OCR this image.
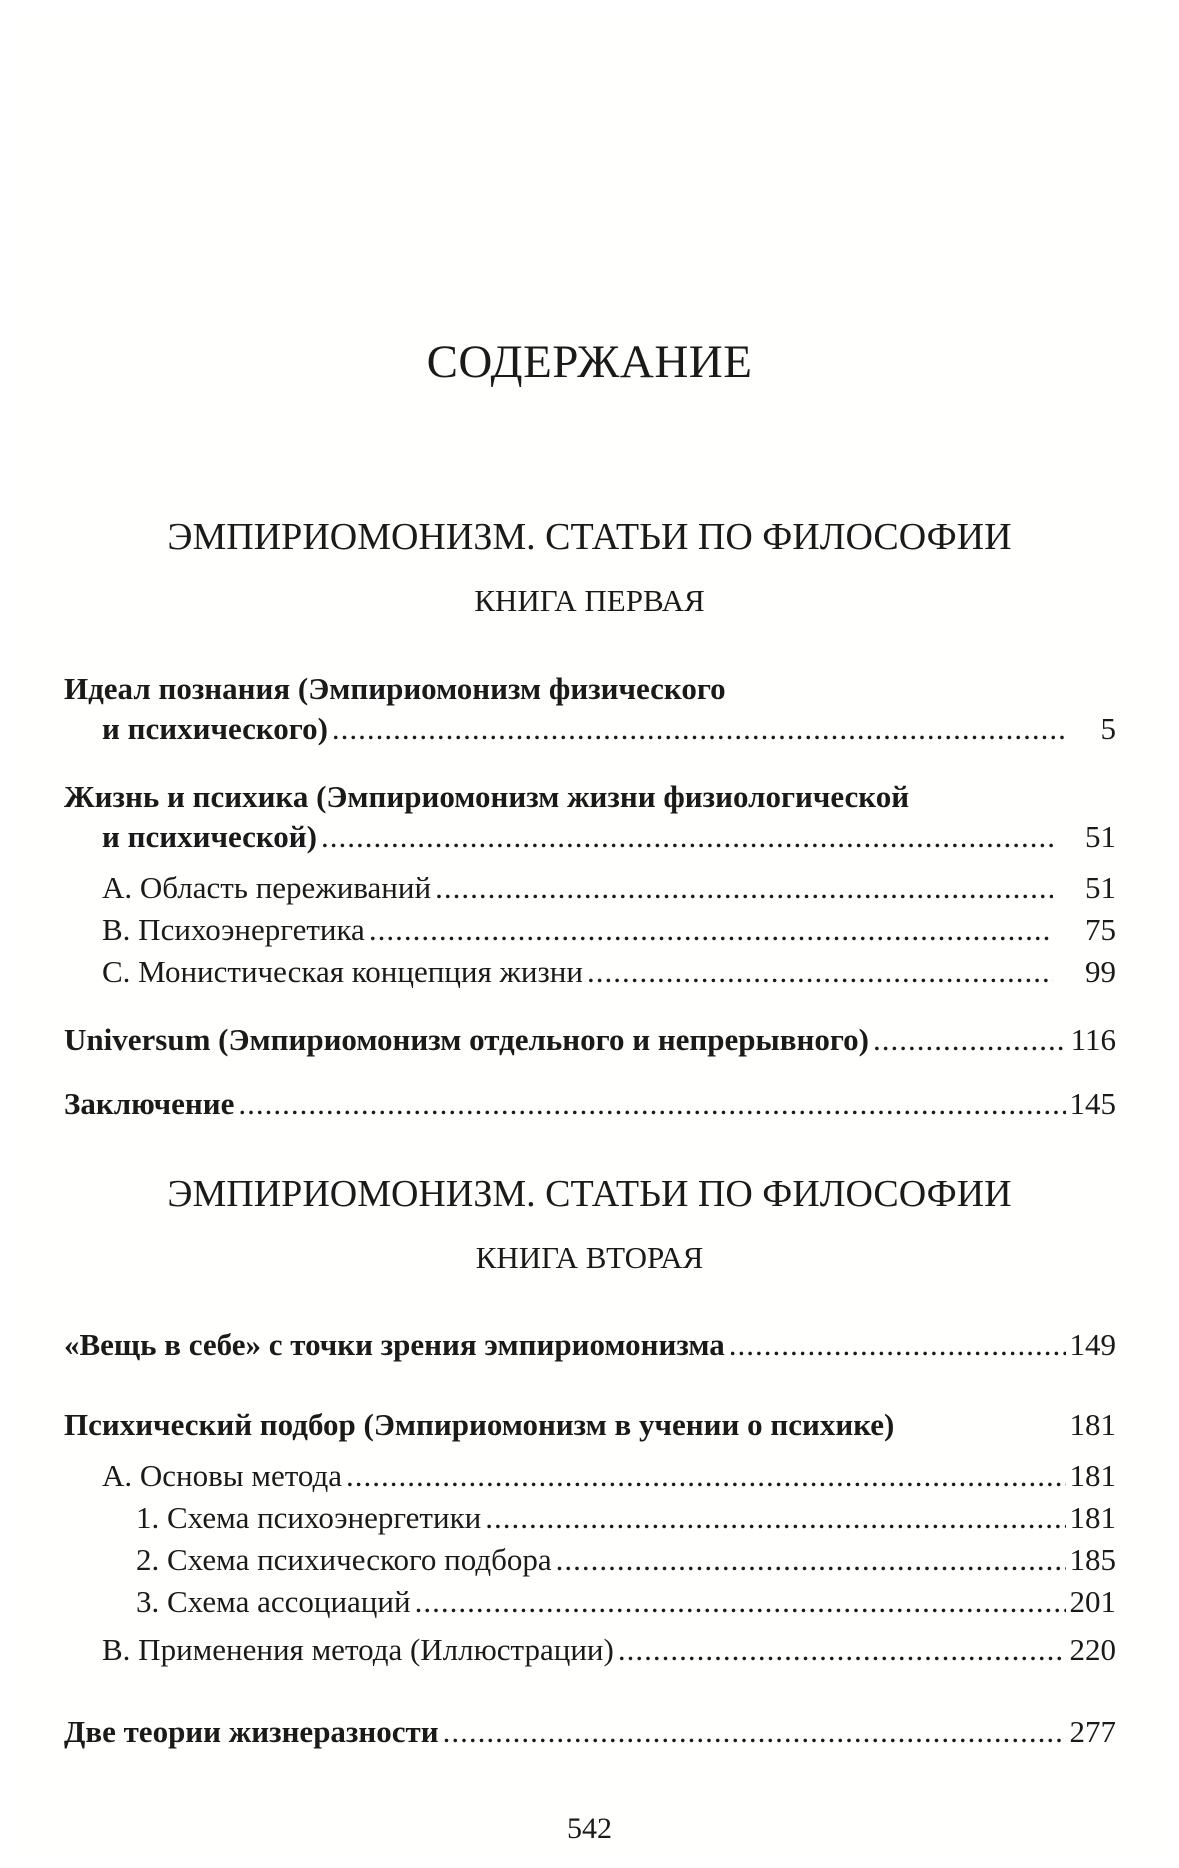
СОДЕРЖАНИЕ
ЭМПИРИОМОНИЗМ. СТАТЬИ ПО ФИЛОСОФИИ
КНИГА ПЕРВАЯ
Идеал познания (Эмпириомонизм физического
и психического) .....	5
Жизнь и психика (Эмпириомонизм жизни физиологической
и психической) .....	51
А. Область переживаний .....	51
В. Психоэнергетика .....	75
С. Монистическая концепция жизни .....	99
Universum (Эмпириомонизм отдельного и непрерывного) .....	116
Заключение .....	145
ЭМПИРИОМОНИЗМ. СТАТЬИ ПО ФИЛОСОФИИ
КНИГА ВТОРАЯ
«Вещь в себе» с точки зрения эмпириомонизма .....	149
Психический подбор (Эмпириомонизм в учении о психике)	181
А. Основы метода .....	181
1. Схема психоэнергетики .....	181
2. Схема психического подбора .....	185
3. Схема ассоциаций .....	201
В. Применения метода (Иллюстрации) .....	220
Две теории жизнеразности .....	277
542
